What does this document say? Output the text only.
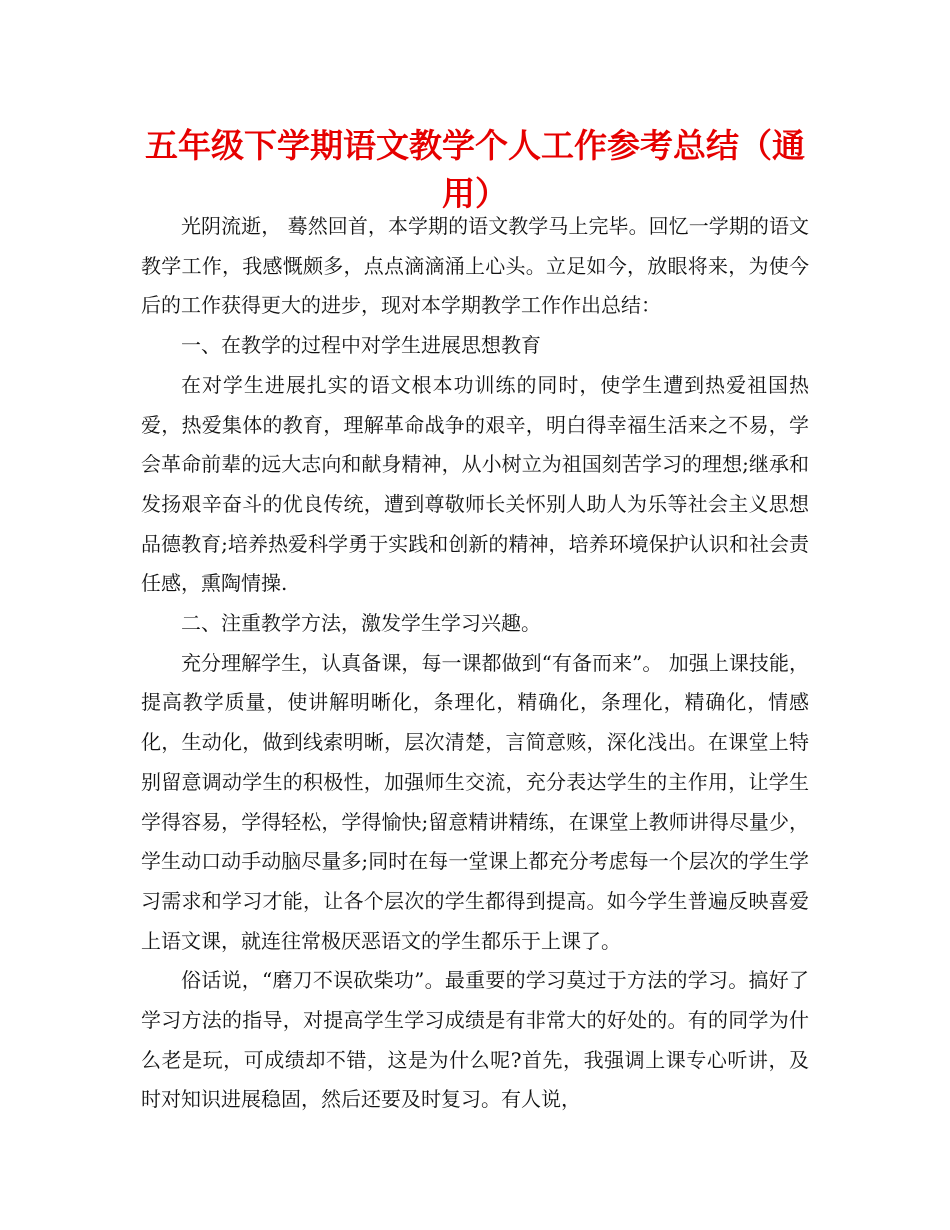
五年级下学期语文教学个人工作参考总结（通用）

光阴流逝， 蓦然回首，本学期的语文教学马上完毕。回忆一学期的语文教学工作，我感慨颇多，点点滴滴涌上心头。立足如今，放眼将来，为使今后的工作获得更大的进步，现对本学期教学工作作出总结：

一、在教学的过程中对学生进展思想教育

在对学生进展扎实的语文根本功训练的同时，使学生遭到热爱祖国热爱，热爱集体的教育，理解革命战争的艰辛，明白得幸福生活来之不易，学会革命前辈的远大志向和献身精神，从小树立为祖国刻苦学习的理想;继承和发扬艰辛奋斗的优良传统，遭到尊敬师长关怀别人助人为乐等社会主义思想品德教育;培养热爱科学勇于实践和创新的精神，培养环境保护认识和社会责任感，熏陶情操.

二、注重教学方法，激发学生学习兴趣。

充分理解学生，认真备课，每一课都做到“有备而来”。 加强上课技能，提高教学质量，使讲解明晰化，条理化，精确化，条理化，精确化，情感化，生动化，做到线索明晰，层次清楚，言简意赅，深化浅出。在课堂上特别留意调动学生的积极性，加强师生交流，充分表达学生的主作用，让学生学得容易，学得轻松，学得愉快;留意精讲精练，在课堂上教师讲得尽量少，学生动口动手动脑尽量多;同时在每一堂课上都充分考虑每一个层次的学生学习需求和学习才能，让各个层次的学生都得到提高。如今学生普遍反映喜爱上语文课，就连往常极厌恶语文的学生都乐于上课了。

俗话说，“磨刀不误砍柴功”。最重要的学习莫过于方法的学习。搞好了学习方法的指导，对提高学生学习成绩是有非常大的好处的。有的同学为什么老是玩，可成绩却不错，这是为什么呢?首先，我强调上课专心听讲，及时对知识进展稳固，然后还要及时复习。有人说，
